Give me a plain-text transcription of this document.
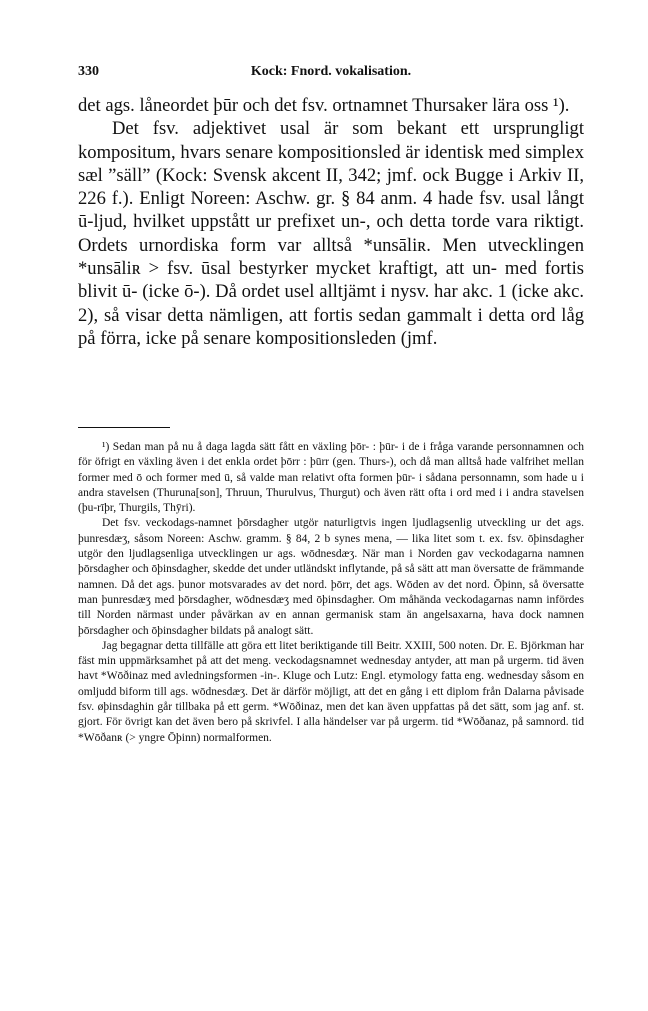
330	Kock: Fnord. vokalisation.

det ags. låneordet þūr och det fsv. ortnamnet Thursaker lära oss ¹).

Det fsv. adjektivet usal är som bekant ett ursprungligt kompositum, hvars senare kompositionsled är identisk med simplex sæl ”säll” (Kock: Svensk akcent II, 342; jmf. ock Bugge i Arkiv II, 226 f.). Enligt Noreen: Aschw. gr. § 84 anm. 4 hade fsv. usal långt ū-ljud, hvilket uppstått ur prefixet un-, och detta torde vara riktigt. Ordets urnordiska form var alltså *unsāliʀ. Men utvecklingen *unsāliʀ > fsv. ūsal bestyrker mycket kraftigt, att un- med fortis blivit ū- (icke ō-). Då ordet usel alltjämt i nysv. har akc. 1 (icke akc. 2), så visar detta nämligen, att fortis sedan gammalt i detta ord låg på förra, icke på senare kompositionsleden (jmf.

¹) Sedan man på nu å daga lagda sätt fått en växling þōr- : þūr- i de i fråga varande personnamnen och för öfrigt en växling även i det enkla ordet þōrr : þūrr (gen. Thurs-), och då man alltså hade valfrihet mellan former med ō och former med ū, så valde man relativt ofta formen þūr- i sådana personnamn, som hade u i andra stavelsen (Thuruna[son], Thruun, Thurulvus, Thurgut) och även rätt ofta i ord med i i andra stavelsen (þu-rīþr, Thurgils, Thȳri).

Det fsv. veckodags-namnet þōrsdagher utgör naturligtvis ingen ljudlagsenlig utveckling ur det ags. þunresdæʒ, såsom Noreen: Aschw. gramm. § 84, 2 b synes mena, — lika litet som t. ex. fsv. ōþinsdagher utgör den ljudlagsenliga utvecklingen ur ags. wōdnesdæʒ. När man i Norden gav veckodagarna namnen þōrsdagher och ōþinsdagher, skedde det under utländskt inflytande, på så sätt att man översatte de främmande namnen. Då det ags. þunor motsvarades av det nord. þōrr, det ags. Wōden av det nord. Ōþinn, så översatte man þunresdæʒ med þōrsdagher, wōdnesdæʒ med ōþinsdagher. Om måhända veckodagarnas namn infördes till Norden närmast under påvärkan av en annan germanisk stam än angelsaxarna, hava dock namnen þōrsdagher och ōþinsdagher bildats på analogt sätt.

Jag begagnar detta tillfälle att göra ett litet beriktigande till Beitr. XXIII, 500 noten. Dr. E. Björkman har fäst min uppmärksamhet på att det meng. veckodagsnamnet wednesday antyder, att man på urgerm. tid även havt *Wōðinaz med avledningsformen -in-. Kluge och Lutz: Engl. etymology fatta eng. wednesday såsom en omljudd biform till ags. wōdnesdæʒ. Det är därför möjligt, att det en gång i ett diplom från Dalarna påvisade fsv. øþinsdaghin går tillbaka på ett germ. *Wōðinaz, men det kan även uppfattas på det sätt, som jag anf. st. gjort. För övrigt kan det även bero på skrivfel. I alla händelser var på urgerm. tid *Wōðanaz, på samnord. tid *Wōðanʀ (> yngre Ōþinn) normalformen.
